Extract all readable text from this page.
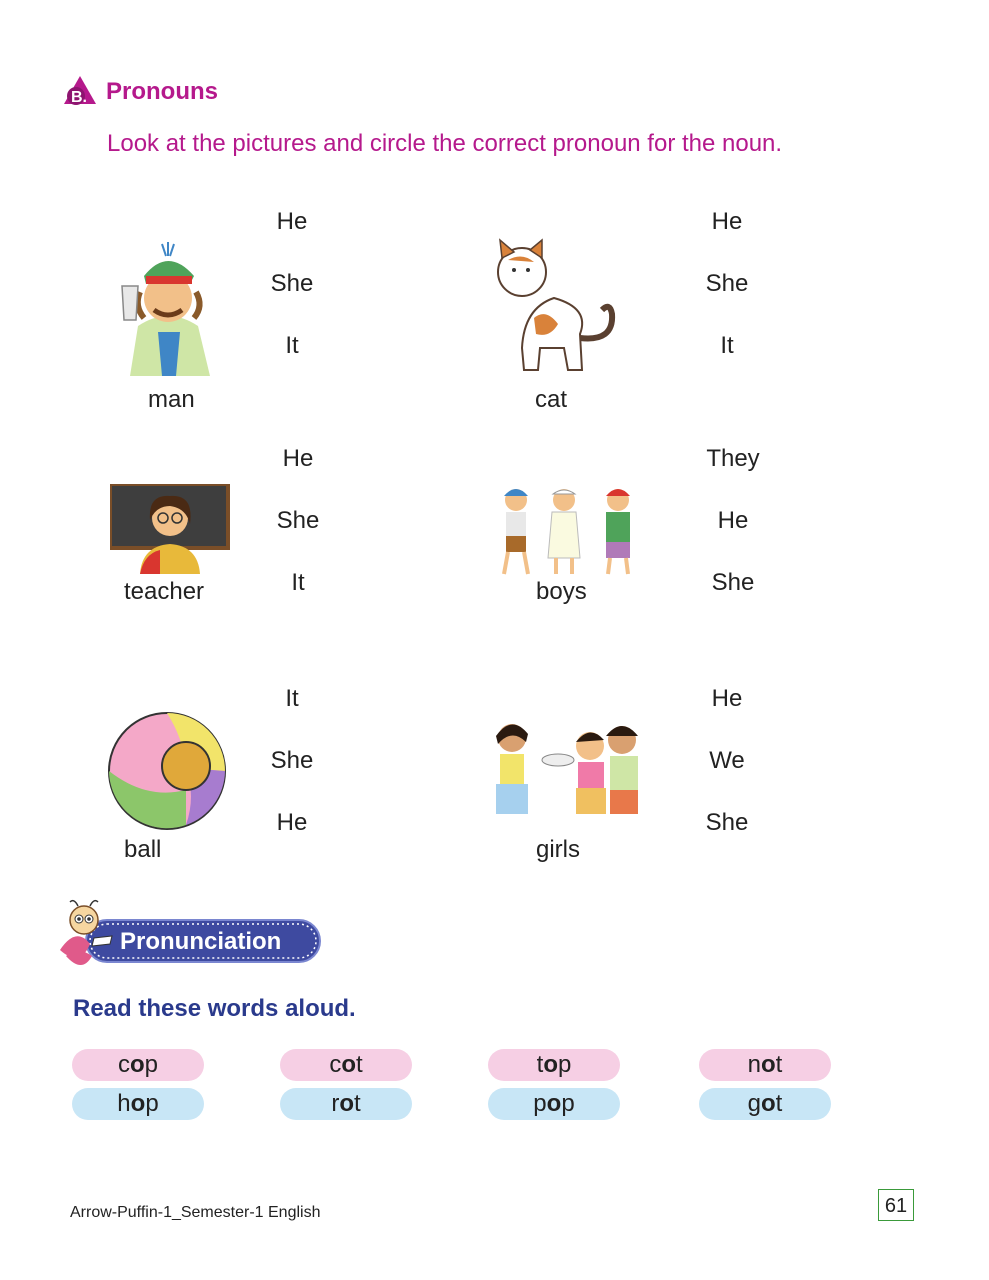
B. Pronouns
Look at the pictures and circle the correct pronoun for the noun.
man
He
She
It
cat
He
She
It
teacher
He
She
It	boys
They
He
She
ball
It
She
He
girls
He
We
She
Pronunciation
Read these words aloud.
cop	cot	top	not
hop	rot	pop	got
Arrow-Puffin-1_Semester-1 English	61
